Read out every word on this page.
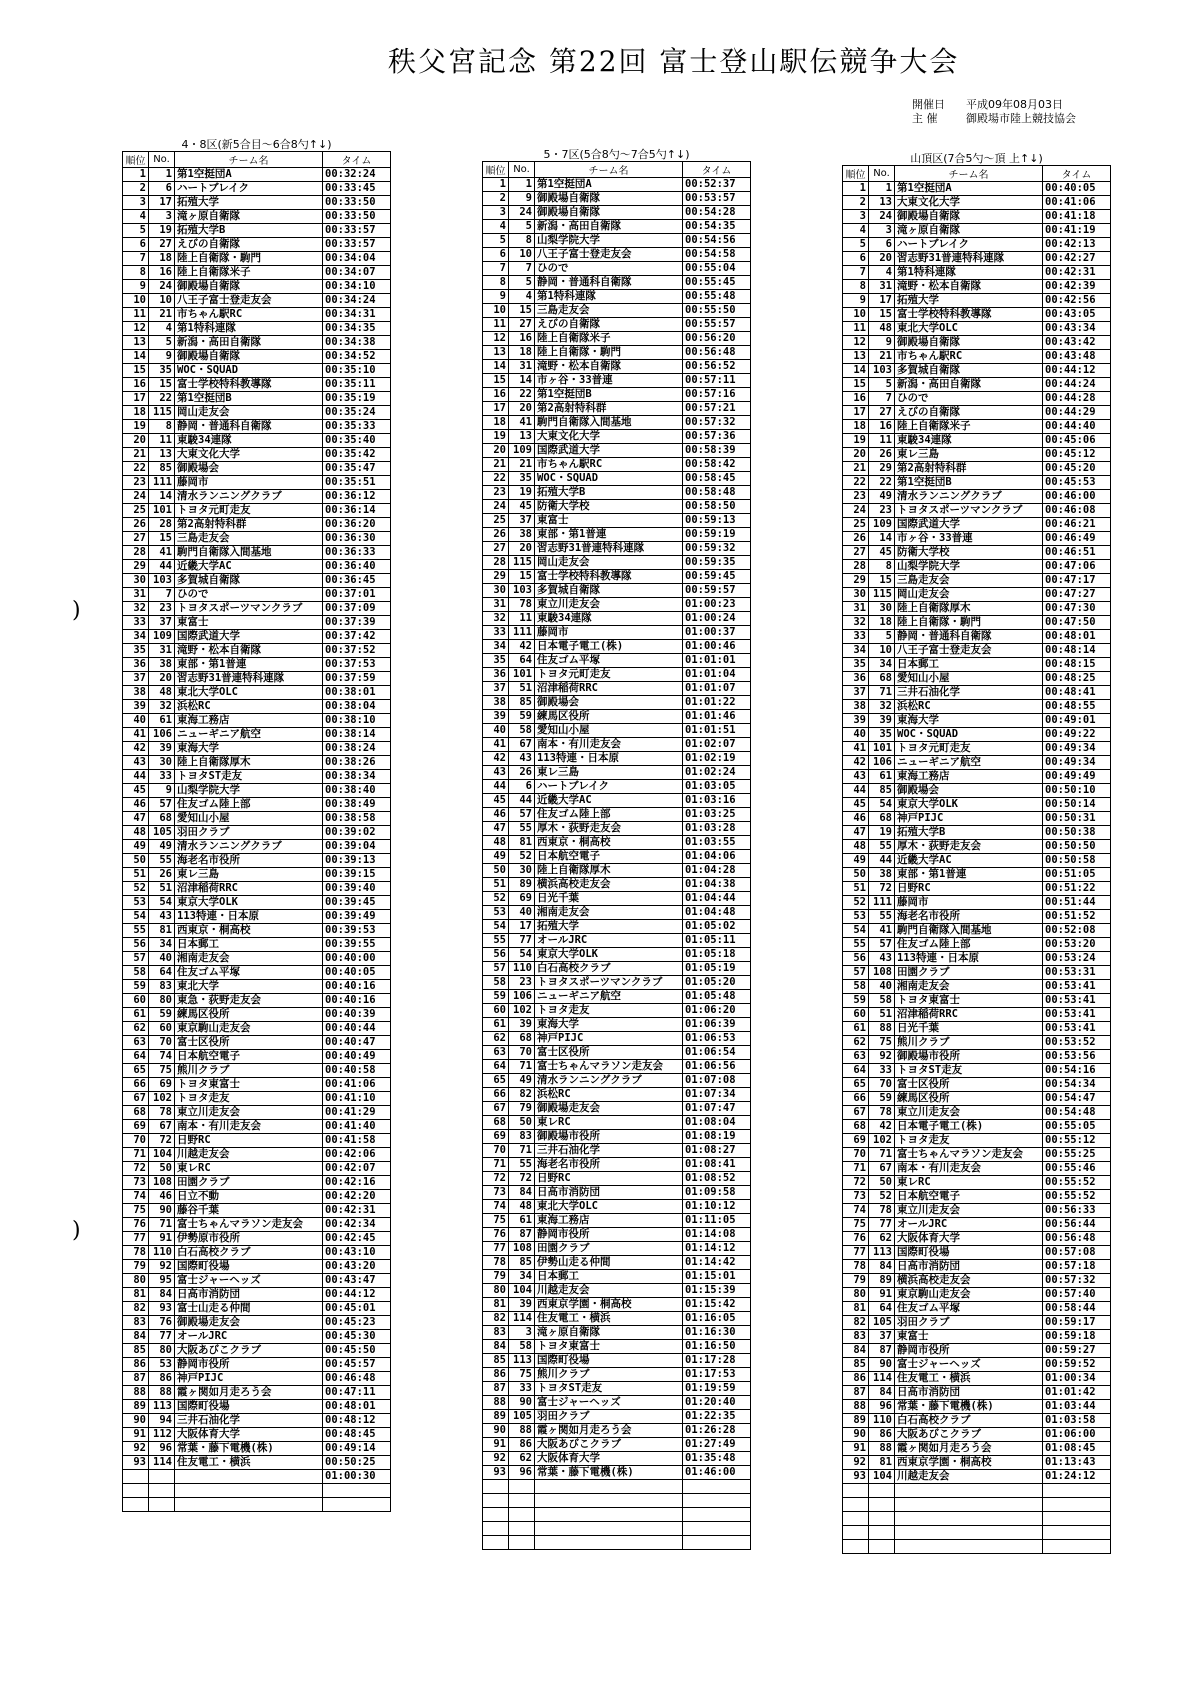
秩父宮記念 第22回 富士登山駅伝競争大会
開催日 平成09年08月03日
主 催	御殿場市陸上競技協会
)
)
4・8区(新5合目〜6合8勺↑↓)
順位	No.	チーム名	タイム
1	1	第1空挺団A	00:32:24
2	6	ハートブレイク	00:33:45
3	17	拓殖大学	00:33:50
4	3	滝ヶ原自衛隊	00:33:50
5	19	拓殖大学B	00:33:57
6	27	えびの自衛隊	00:33:57
7	18	陸上自衛隊・駒門	00:34:04
8	16	陸上自衛隊米子	00:34:07
9	24	御殿場自衛隊	00:34:10
10	10	八王子富士登走友会	00:34:24
11	21	市ちゃん駅RC	00:34:31
12	4	第1特科連隊	00:34:35
13	5	新潟・高田自衛隊	00:34:38
14	9	御殿場自衛隊	00:34:52
15	35	WOC・SQUAD	00:35:10
16	15	富士学校特科教導隊	00:35:11
17	22	第1空挺団B	00:35:19
18	115	岡山走友会	00:35:24
19	8	静岡・普通科自衛隊	00:35:33
20	11	東駿34連隊	00:35:40
21	13	大東文化大学	00:35:42
22	85	御殿場会	00:35:47
23	111	藤岡市	00:35:51
24	14	清水ランニングクラブ	00:36:12
25	101	トヨタ元町走友	00:36:14
26	28	第2高射特科群	00:36:20
27	15	三島走友会	00:36:30
28	41	駒門自衛隊入間基地	00:36:33
29	44	近畿大学AC	00:36:40
30	103	多賀城自衛隊	00:36:45
31	7	ひので	00:37:01
32	23	トヨタスポーツマンクラブ	00:37:09
33	37	東富士	00:37:39
34	109	国際武道大学	00:37:42
35	31	滝野・松本自衛隊	00:37:52
36	38	東部・第1普連	00:37:53
37	20	習志野31普連特科連隊	00:37:59
38	48	東北大学OLC	00:38:01
39	32	浜松RC	00:38:04
40	61	東海工務店	00:38:10
41	106	ニューギニア航空	00:38:14
42	39	東海大学	00:38:24
43	30	陸上自衛隊厚木	00:38:26
44	33	トヨタST走友	00:38:34
45	9	山梨学院大学	00:38:40
46	57	住友ゴム陸上部	00:38:49
47	68	愛知山小屋	00:38:58
48	105	羽田クラブ	00:39:02
49	49	清水ランニングクラブ	00:39:04
50	55	海老名市役所	00:39:13
51	26	東レ三島	00:39:15
52	51	沼津稲荷RRC	00:39:40
53	54	東京大学OLK	00:39:45
54	43	113特連・日本原	00:39:49
55	81	西東京・桐高校	00:39:53
56	34	日本郵工	00:39:55
57	40	湘南走友会	00:40:00
58	64	住友ゴム平塚	00:40:05
59	83	東北大学	00:40:16
60	80	東急・荻野走友会	00:40:16
61	59	練馬区役所	00:40:39
62	60	東京駒山走友会	00:40:44
63	70	富士区役所	00:40:47
64	74	日本航空電子	00:40:49
65	75	熊川クラブ	00:40:58
66	69	トヨタ東富士	00:41:06
67	102	トヨタ走友	00:41:10
68	78	東立川走友会	00:41:29
69	67	南本・有川走友会	00:41:40
70	72	日野RC	00:41:58
71	104	川越走友会	00:42:06
72	50	東レRC	00:42:07
73	108	田園クラブ	00:42:16
74	46	日立不動	00:42:20
75	90	藤谷千葉	00:42:31
76	71	富士ちゃんマラソン走友会	00:42:34
77	91	伊勢原市役所	00:42:45
78	110	白石高校クラブ	00:43:10
79	92	国際町役場	00:43:20
80	95	富士ジャーヘッズ	00:43:47
81	84	日高市消防団	00:44:12
82	93	富士山走る仲間	00:45:01
83	76	御殿場走友会	00:45:23
84	77	オールJRC	00:45:30
85	80	大阪あびこクラブ	00:45:50
86	53	静岡市役所	00:45:57
87	86	神戸PIJC	00:46:48
88	88	霞ヶ関如月走ろう会	00:47:11
89	113	国際町役場	00:48:01
90	94	三井石油化学	00:48:12
91	112	大阪体育大学	00:48:45
92	96	常葉・藤下電機(株)	00:49:14
93	114	住友電工・横浜	00:50:25
			01:00:30

5・7区(5合8勺〜7合5勺↑↓)
順位	No.	チーム名	タイム
1	1	第1空挺団A	00:52:37
2	9	御殿場自衛隊	00:53:57
3	24	御殿場自衛隊	00:54:28
4	5	新潟・高田自衛隊	00:54:35
5	8	山梨学院大学	00:54:56
6	10	八王子富士登走友会	00:54:58
7	7	ひので	00:55:04
8	5	静岡・普通科自衛隊	00:55:45
9	4	第1特科連隊	00:55:48
10	15	三島走友会	00:55:50
11	27	えびの自衛隊	00:55:57
12	16	陸上自衛隊米子	00:56:20
13	18	陸上自衛隊・駒門	00:56:48
14	31	滝野・松本自衛隊	00:56:52
15	14	市ヶ谷・33普連	00:57:11
16	22	第1空挺団B	00:57:16
17	20	第2高射特科群	00:57:21
18	41	駒門自衛隊入間基地	00:57:32
19	13	大東文化大学	00:57:36
20	109	国際武道大学	00:58:39
21	21	市ちゃん駅RC	00:58:42
22	35	WOC・SQUAD	00:58:45
23	19	拓殖大学B	00:58:48
24	45	防衛大学校	00:58:50
25	37	東富士	00:59:13
26	38	東部・第1普連	00:59:19
27	20	習志野31普連特科連隊	00:59:32
28	115	岡山走友会	00:59:35
29	15	富士学校特科教導隊	00:59:45
30	103	多賀城自衛隊	00:59:57
31	78	東立川走友会	01:00:23
32	11	東駿34連隊	01:00:24
33	111	藤岡市	01:00:37
34	42	日本電子電工(株)	01:00:46
35	64	住友ゴム平塚	01:01:01
36	101	トヨタ元町走友	01:01:04
37	51	沼津稲荷RRC	01:01:07
38	85	御殿場会	01:01:22
39	59	練馬区役所	01:01:46
40	58	愛知山小屋	01:01:51
41	67	南本・有川走友会	01:02:07
42	43	113特連・日本原	01:02:19
43	26	東レ三島	01:02:24
44	6	ハートブレイク	01:03:05
45	44	近畿大学AC	01:03:16
46	57	住友ゴム陸上部	01:03:25
47	55	厚木・荻野走友会	01:03:28
48	81	西東京・桐高校	01:03:55
49	52	日本航空電子	01:04:06
50	30	陸上自衛隊厚木	01:04:28
51	89	横浜高校走友会	01:04:38
52	69	日光千葉	01:04:44
53	40	湘南走友会	01:04:48
54	17	拓殖大学	01:05:02
55	77	オールJRC	01:05:11
56	54	東京大学OLK	01:05:18
57	110	白石高校クラブ	01:05:19
58	23	トヨタスポーツマンクラブ	01:05:20
59	106	ニューギニア航空	01:05:48
60	102	トヨタ走友	01:06:20
61	39	東海大学	01:06:39
62	68	神戸PIJC	01:06:53
63	70	富士区役所	01:06:54
64	71	富士ちゃんマラソン走友会	01:06:56
65	49	清水ランニングクラブ	01:07:08
66	82	浜松RC	01:07:34
67	79	御殿場走友会	01:07:47
68	50	東レRC	01:08:04
69	83	御殿場市役所	01:08:19
70	71	三井石油化学	01:08:27
71	55	海老名市役所	01:08:41
72	72	日野RC	01:08:52
73	84	日高市消防団	01:09:58
74	48	東北大学OLC	01:10:12
75	61	東海工務店	01:11:05
76	87	静岡市役所	01:14:08
77	108	田園クラブ	01:14:12
78	85	伊勢山走る仲間	01:14:42
79	34	日本郵工	01:15:01
80	104	川越走友会	01:15:39
81	39	西東京学園・桐高校	01:15:42
82	114	住友電工・横浜	01:16:05
83	3	滝ヶ原自衛隊	01:16:30
84	58	トヨタ東富士	01:16:50
85	113	国際町役場	01:17:28
86	75	熊川クラブ	01:17:53
87	33	トヨタST走友	01:19:59
88	90	富士ジャーヘッズ	01:20:40
89	105	羽田クラブ	01:22:35
90	88	霞ヶ関如月走ろう会	01:26:28
91	86	大阪あびこクラブ	01:27:49
92	62	大阪体育大学	01:35:48
93	96	常葉・藤下電機(株)	01:46:00

山頂区(7合5勺〜頂 上↑↓)
順位	No.	チーム名	タイム
1	1	第1空挺団A	00:40:05
2	13	大東文化大学	00:41:06
3	24	御殿場自衛隊	00:41:18
4	3	滝ヶ原自衛隊	00:41:19
5	6	ハートブレイク	00:42:13
6	20	習志野31普連特科連隊	00:42:27
7	4	第1特科連隊	00:42:31
8	31	滝野・松本自衛隊	00:42:39
9	17	拓殖大学	00:42:56
10	15	富士学校特科教導隊	00:43:05
11	48	東北大学OLC	00:43:34
12	9	御殿場自衛隊	00:43:42
13	21	市ちゃん駅RC	00:43:48
14	103	多賀城自衛隊	00:44:12
15	5	新潟・高田自衛隊	00:44:24
16	7	ひので	00:44:28
17	27	えびの自衛隊	00:44:29
18	16	陸上自衛隊米子	00:44:40
19	11	東駿34連隊	00:45:06
20	26	東レ三島	00:45:12
21	29	第2高射特科群	00:45:20
22	22	第1空挺団B	00:45:53
23	49	清水ランニングクラブ	00:46:00
24	23	トヨタスポーツマンクラブ	00:46:08
25	109	国際武道大学	00:46:21
26	14	市ヶ谷・33普連	00:46:49
27	45	防衛大学校	00:46:51
28	8	山梨学院大学	00:47:06
29	15	三島走友会	00:47:17
30	115	岡山走友会	00:47:27
31	30	陸上自衛隊厚木	00:47:30
32	18	陸上自衛隊・駒門	00:47:50
33	5	静岡・普通科自衛隊	00:48:01
34	10	八王子富士登走友会	00:48:14
35	34	日本郵工	00:48:15
36	68	愛知山小屋	00:48:25
37	71	三井石油化学	00:48:41
38	32	浜松RC	00:48:55
39	39	東海大学	00:49:01
40	35	WOC・SQUAD	00:49:22
41	101	トヨタ元町走友	00:49:34
42	106	ニューギニア航空	00:49:34
43	61	東海工務店	00:49:49
44	85	御殿場会	00:50:10
45	54	東京大学OLK	00:50:14
46	68	神戸PIJC	00:50:31
47	19	拓殖大学B	00:50:38
48	55	厚木・荻野走友会	00:50:50
49	44	近畿大学AC	00:50:58
50	38	東部・第1普連	00:51:05
51	72	日野RC	00:51:22
52	111	藤岡市	00:51:44
53	55	海老名市役所	00:51:52
54	41	駒門自衛隊入間基地	00:52:08
55	57	住友ゴム陸上部	00:53:20
56	43	113特連・日本原	00:53:24
57	108	田園クラブ	00:53:31
58	40	湘南走友会	00:53:41
59	58	トヨタ東富士	00:53:41
60	51	沼津稲荷RRC	00:53:41
61	88	日光千葉	00:53:41
62	75	熊川クラブ	00:53:52
63	92	御殿場市役所	00:53:56
64	33	トヨタST走友	00:54:16
65	70	富士区役所	00:54:34
66	59	練馬区役所	00:54:47
67	78	東立川走友会	00:54:48
68	42	日本電子電工(株)	00:55:05
69	102	トヨタ走友	00:55:12
70	71	富士ちゃんマラソン走友会	00:55:25
71	67	南本・有川走友会	00:55:46
72	50	東レRC	00:55:52
73	52	日本航空電子	00:55:52
74	78	東立川走友会	00:56:33
75	77	オールJRC	00:56:44
76	62	大阪体育大学	00:56:48
77	113	国際町役場	00:57:08
78	84	日高市消防団	00:57:18
79	89	横浜高校走友会	00:57:32
80	91	東京駒山走友会	00:57:40
81	64	住友ゴム平塚	00:58:44
82	105	羽田クラブ	00:59:17
83	37	東富士	00:59:18
84	87	静岡市役所	00:59:27
85	90	富士ジャーヘッズ	00:59:52
86	114	住友電工・横浜	01:00:34
87	84	日高市消防団	01:01:42
88	96	常葉・藤下電機(株)	01:03:44
89	110	白石高校クラブ	01:03:58
90	86	大阪あびこクラブ	01:06:00
91	88	霞ヶ関如月走ろう会	01:08:45
92	81	西東京学園・桐高校	01:13:43
93	104	川越走友会	01:24:12
